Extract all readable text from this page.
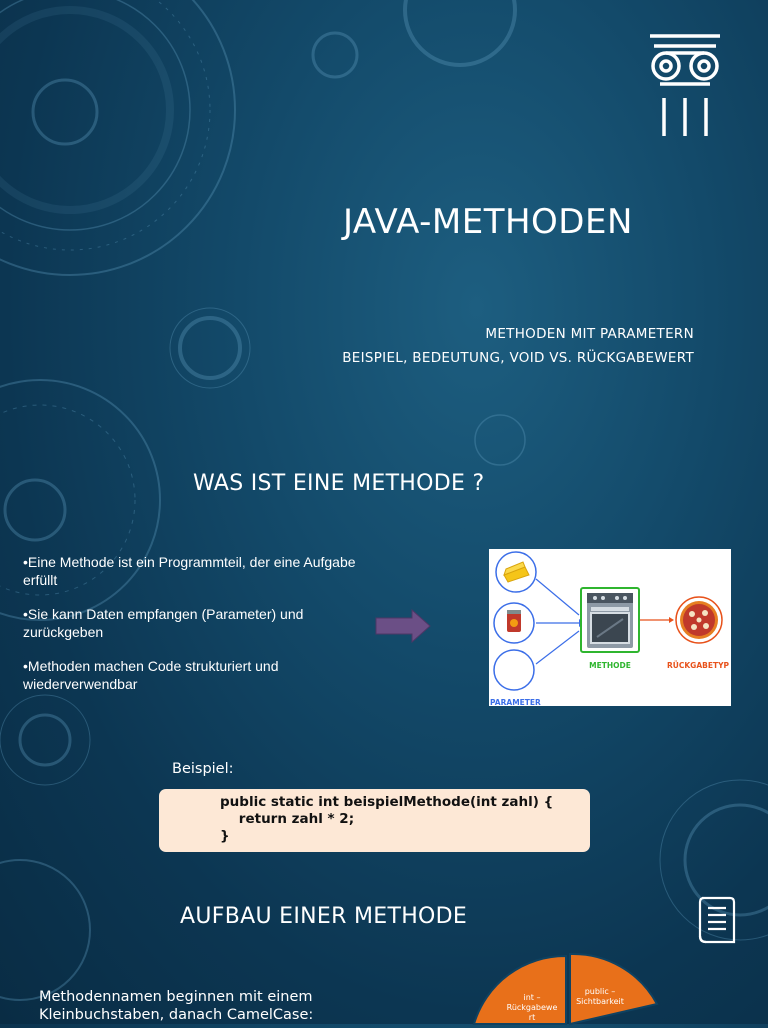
JAVA-METHODEN
METHODEN MIT PARAMETERN
BEISPIEL, BEDEUTUNG, VOID VS. RÜCKGABEWERT
WAS IST EINE METHODE ?
•Eine Methode ist ein Programmteil, der eine Aufgabe erfüllt
•Sie kann Daten empfangen (Parameter) und zurückgeben
•Methoden machen Code strukturiert und wiederverwendbar
METHODE	RÜCKGABETYP
PARAMETER
Beispiel:
public static int beispielMethode(int zahl) {
return zahl * 2;
}
AUFBAU EINER METHODE
Methodennamen beginnen mit einem
Kleinbuchstaben, danach CamelCase:
int –
Rückgabewe
rt
public –
Sichtbarkeit
